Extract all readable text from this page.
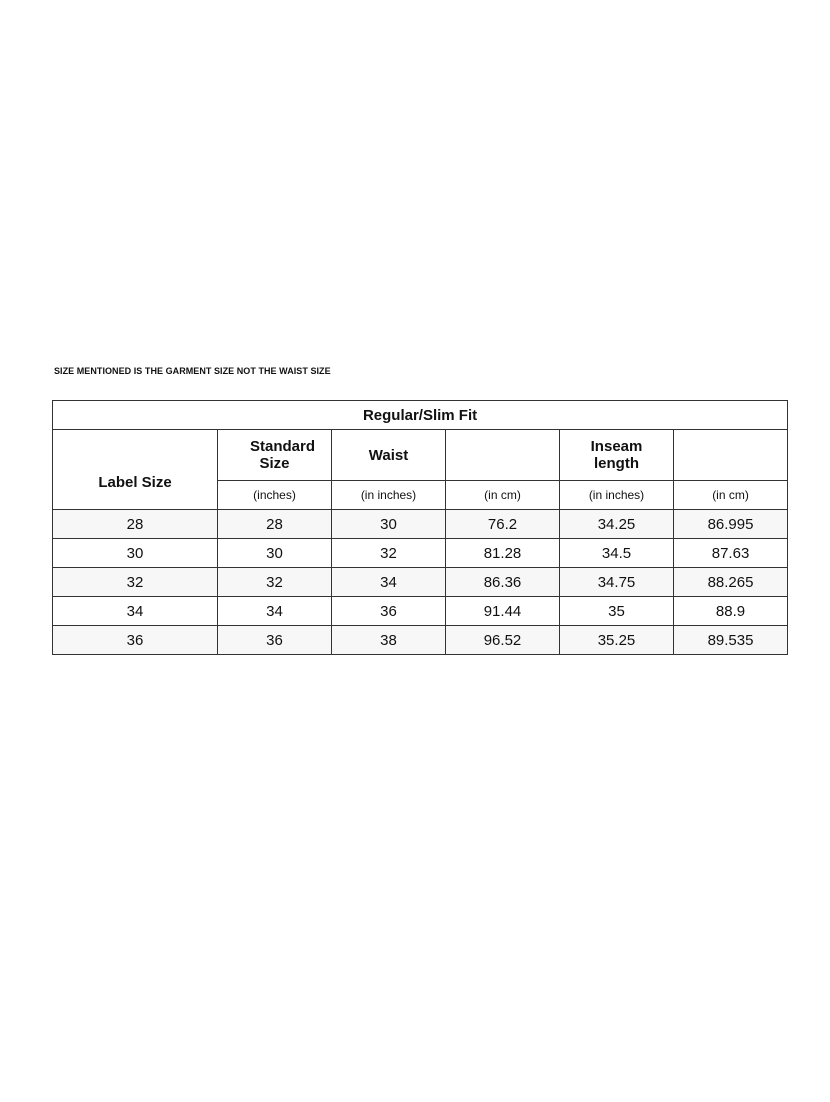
SIZE MENTIONED IS THE GARMENT SIZE NOT THE WAIST SIZE
Regular/Slim Fit					
Label Size	Standard Size	Waist		Inseam length	
	(inches)	(in inches)	(in cm)	(in inches)	(in cm)
28	28	30	76.2	34.25	86.995
30	30	32	81.28	34.5	87.63
32	32	34	86.36	34.75	88.265
34	34	36	91.44	35	88.9
36	36	38	96.52	35.25	89.535
